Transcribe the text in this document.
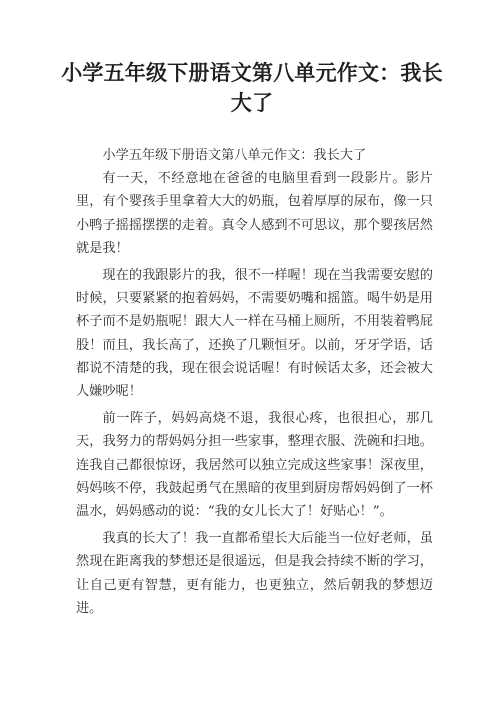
小学五年级下册语文第八单元作文：我长大了

小学五年级下册语文第八单元作文：我长大了

有一天，不经意地在爸爸的电脑里看到一段影片。影片里，有个婴孩手里拿着大大的奶瓶，包着厚厚的尿布，像一只小鸭子摇摇摆摆的走着。真令人感到不可思议，那个婴孩居然就是我！

现在的我跟影片的我，很不一样喔！现在当我需要安慰的时候，只要紧紧的抱着妈妈，不需要奶嘴和摇篮。喝牛奶是用杯子而不是奶瓶呢！跟大人一样在马桶上厕所，不用装着鸭屁股！而且，我长高了，还换了几颗恒牙。以前，牙牙学语，话都说不清楚的我，现在很会说话喔！有时候话太多，还会被大人嫌吵呢！

前一阵子，妈妈高烧不退，我很心疼，也很担心，那几天，我努力的帮妈妈分担一些家事，整理衣服、洗碗和扫地。连我自己都很惊讶，我居然可以独立完成这些家事！深夜里，妈妈咳不停，我鼓起勇气在黑暗的夜里到厨房帮妈妈倒了一杯温水，妈妈感动的说：“我的女儿长大了！好贴心！”。

我真的长大了！我一直都希望长大后能当一位好老师，虽然现在距离我的梦想还是很遥远，但是我会持续不断的学习，让自己更有智慧，更有能力，也更独立，然后朝我的梦想迈进。
